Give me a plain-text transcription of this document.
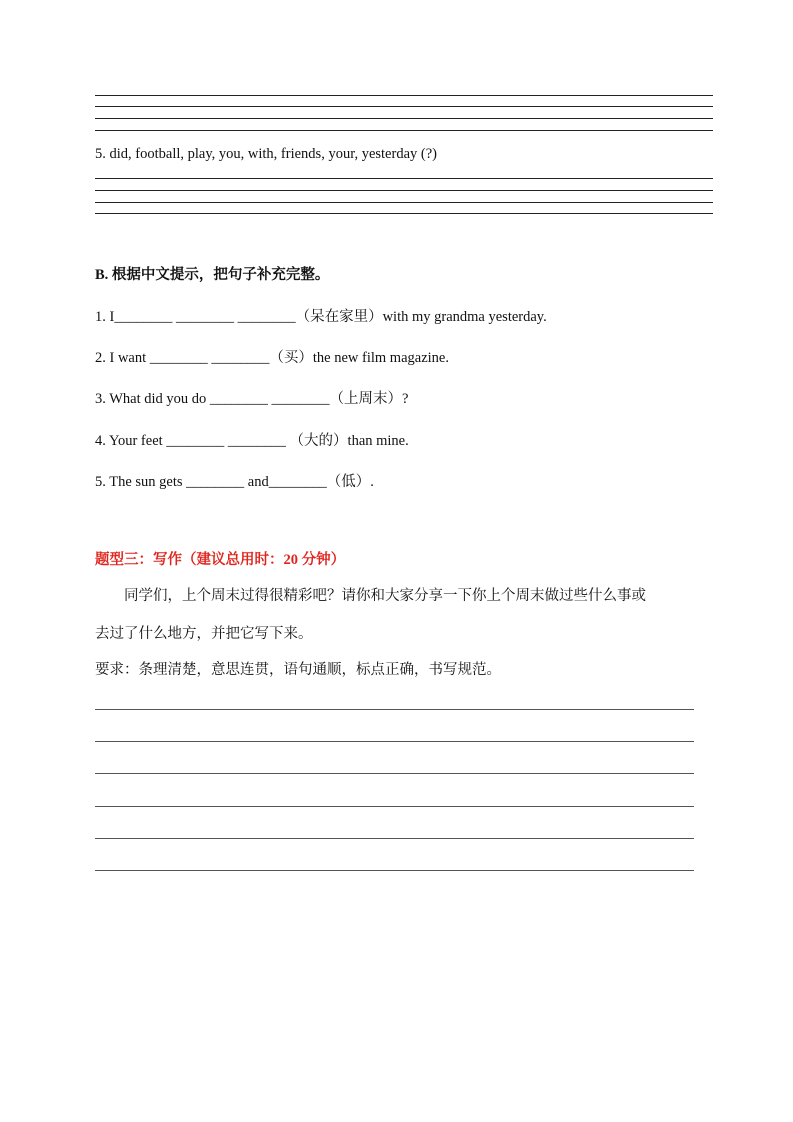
5. did, football, play, you, with, friends, your, yesterday (?)
B. 根据中文提示，把句子补充完整。
1. I________ ________ ________（呆在家里）with my grandma yesterday.
2. I want ________ ________（买）the new film magazine.
3. What did you do ________ ________（上周末）?
4. Your feet ________ ________ （大的）than mine.
5. The sun gets ________ and________（低）.
题型三：写作（建议总用时：20 分钟）
同学们，上个周末过得很精彩吧？请你和大家分享一下你上个周末做过些什么事或
去过了什么地方，并把它写下来。
要求：条理清楚，意思连贯，语句通顺，标点正确，书写规范。
